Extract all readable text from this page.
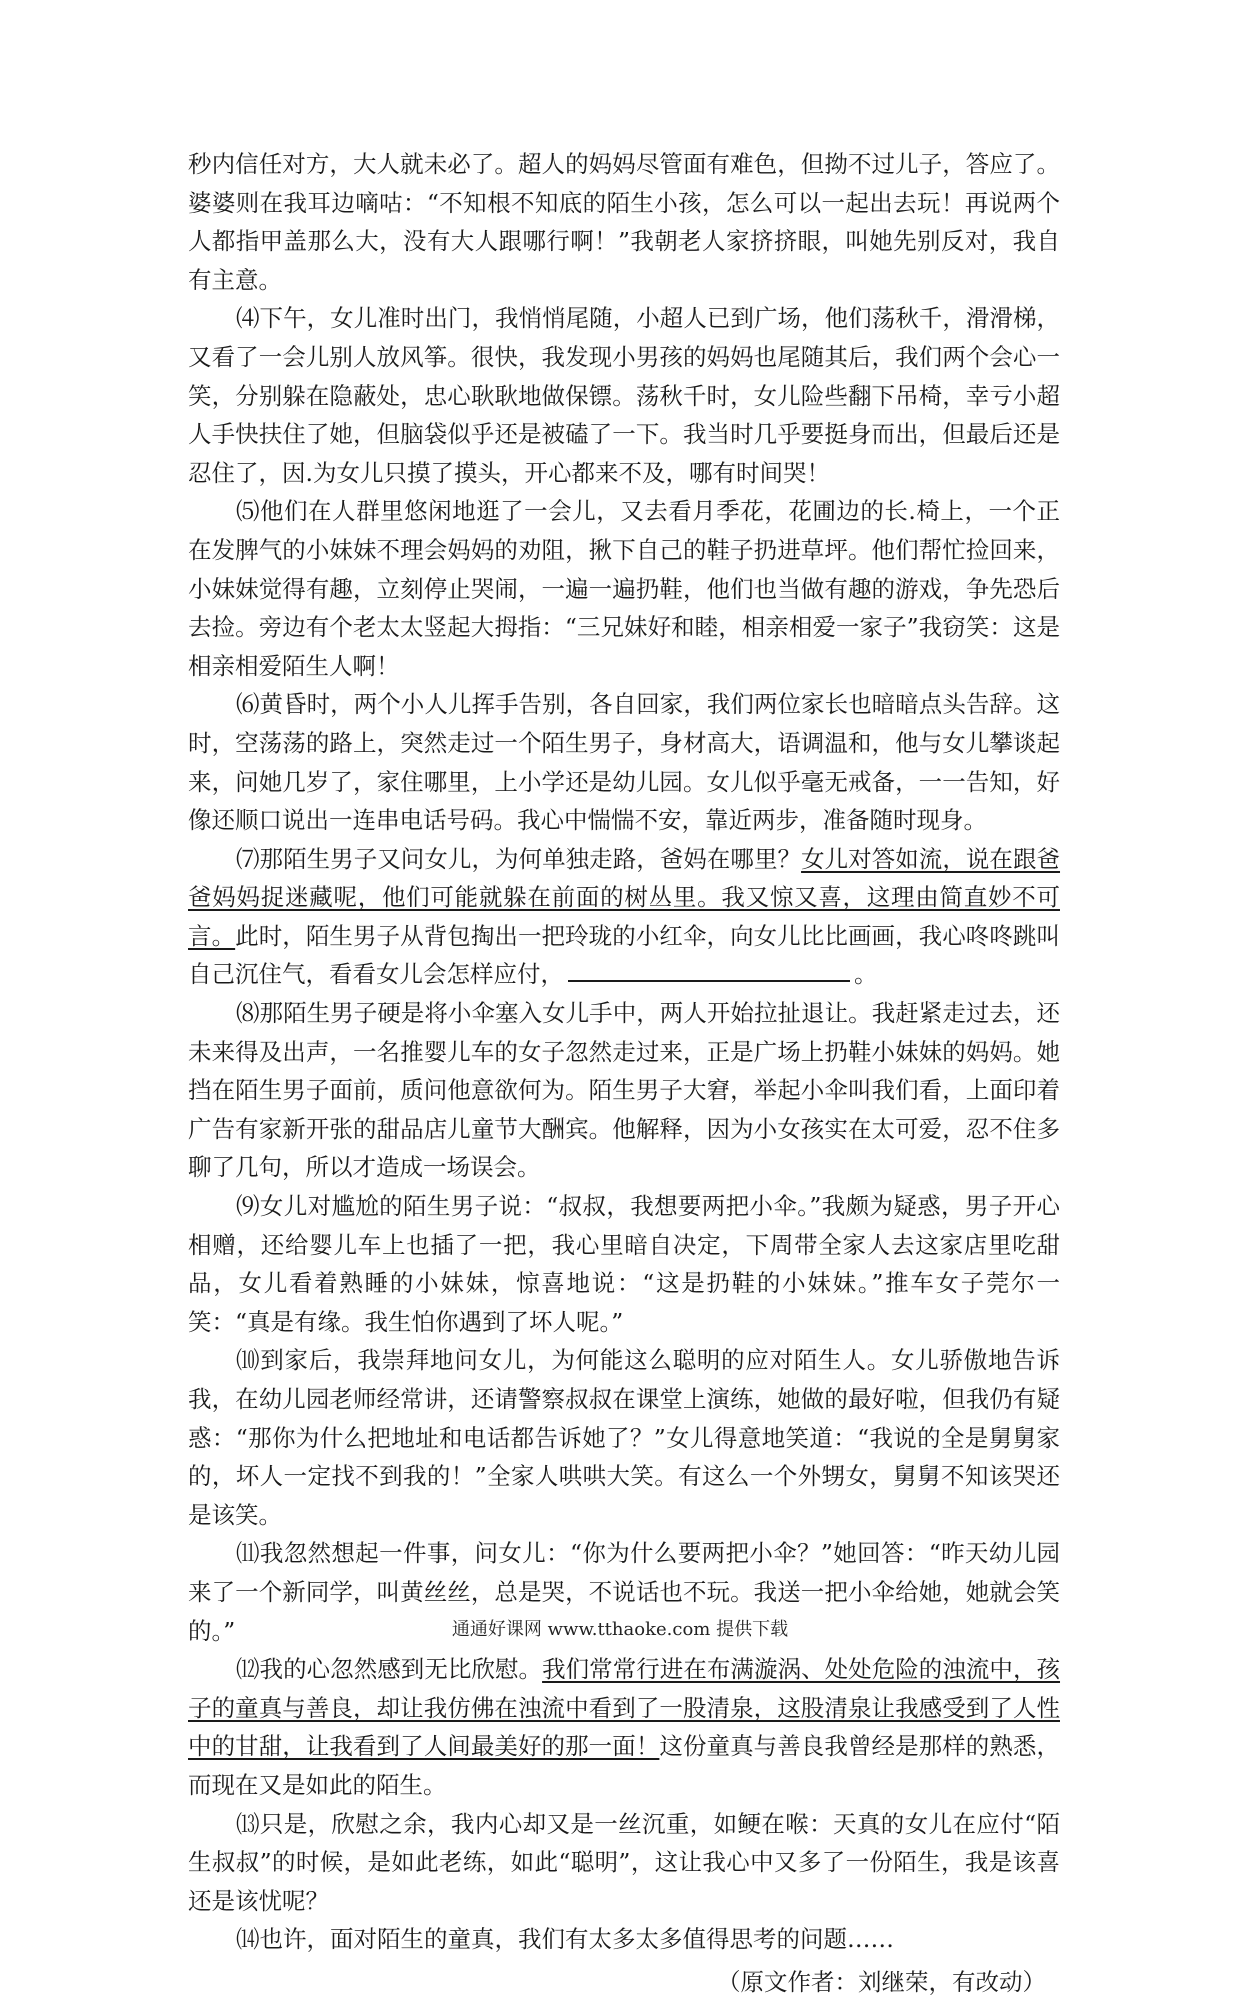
秒内信任对方，大人就未必了。超人的妈妈尽管面有难色，但拗不过儿子，答应了。婆婆则在我耳边嘀咕：“不知根不知底的陌生小孩，怎么可以一起出去玩！再说两个人都指甲盖那么大，没有大人跟哪行啊！”我朝老人家挤挤眼，叫她先别反对，我自有主意。

⑷下午，女儿准时出门，我悄悄尾随，小超人已到广场，他们荡秋千，滑滑梯，又看了一会儿别人放风筝。很快，我发现小男孩的妈妈也尾随其后，我们两个会心一笑，分别躲在隐蔽处，忠心耿耿地做保镖。荡秋千时，女儿险些翻下吊椅，幸亏小超人手快扶住了她，但脑袋似乎还是被磕了一下。我当时几乎要挺身而出，但最后还是忍住了，因.为女儿只摸了摸头，开心都来不及，哪有时间哭！

⑸他们在人群里悠闲地逛了一会儿，又去看月季花，花圃边的长.椅上，一个正在发脾气的小妹妹不理会妈妈的劝阻，揪下自己的鞋子扔进草坪。他们帮忙捡回来，小妹妹觉得有趣，立刻停止哭闹，一遍一遍扔鞋，他们也当做有趣的游戏，争先恐后去捡。旁边有个老太太竖起大拇指：“三兄妹好和睦，相亲相爱一家子”我窃笑：这是相亲相爱陌生人啊！

⑹黄昏时，两个小人儿挥手告别，各自回家，我们两位家长也暗暗点头告辞。这时，空荡荡的路上，突然走过一个陌生男子，身材高大，语调温和，他与女儿攀谈起来，问她几岁了，家住哪里，上小学还是幼儿园。女儿似乎毫无戒备，一一告知，好像还顺口说出一连串电话号码。我心中惴惴不安，靠近两步，准备随时现身。

⑺那陌生男子又问女儿，为何单独走路，爸妈在哪里？女儿对答如流，说在跟爸爸妈妈捉迷藏呢，他们可能就躲在前面的树丛里。我又惊又喜，这理由简直妙不可言。此时，陌生男子从背包掏出一把玲珑的小红伞，向女儿比比画画，我心咚咚跳叫自己沉住气，看看女儿会怎样应付，	。

⑻那陌生男子硬是将小伞塞入女儿手中，两人开始拉扯退让。我赶紧走过去，还未来得及出声，一名推婴儿车的女子忽然走过来，正是广场上扔鞋小妹妹的妈妈。她挡在陌生男子面前，质问他意欲何为。陌生男子大窘，举起小伞叫我们看，上面印着广告有家新开张的甜品店儿童节大酬宾。他解释，因为小女孩实在太可爱，忍不住多聊了几句，所以才造成一场误会。

⑼女儿对尴尬的陌生男子说：“叔叔，我想要两把小伞。”我颇为疑惑，男子开心相赠，还给婴儿车上也插了一把，我心里暗自决定，下周带全家人去这家店里吃甜品，女儿看着熟睡的小妹妹，惊喜地说：“这是扔鞋的小妹妹。”推车女子莞尔一笑：“真是有缘。我生怕你遇到了坏人呢。”

⑽到家后，我崇拜地问女儿，为何能这么聪明的应对陌生人。女儿骄傲地告诉我，在幼儿园老师经常讲，还请警察叔叔在课堂上演练，她做的最好啦，但我仍有疑惑：“那你为什么把地址和电话都告诉她了？”女儿得意地笑道：“我说的全是舅舅家的，坏人一定找不到我的！”全家人哄哄大笑。有这么一个外甥女，舅舅不知该哭还是该笑。

⑾我忽然想起一件事，问女儿：“你为什么要两把小伞？”她回答：“昨天幼儿园来了一个新同学，叫黄丝丝，总是哭，不说话也不玩。我送一把小伞给她，她就会笑的。”

⑿我的心忽然感到无比欣慰。我们常常行进在布满漩涡、处处危险的浊流中，孩子的童真与善良，却让我仿佛在浊流中看到了一股清泉，这股清泉让我感受到了人性中的甘甜，让我看到了人间最美好的那一面！这份童真与善良我曾经是那样的熟悉，而现在又是如此的陌生。

⒀只是，欣慰之余，我内心却又是一丝沉重，如鲠在喉：天真的女儿在应付“陌生叔叔”的时候，是如此老练，如此“聪明”，这让我心中又多了一份陌生，我是该喜还是该忧呢？

⒁也许，面对陌生的童真，我们有太多太多值得思考的问题……

（原文作者：刘继荣，有改动）

通通好课网 www.tthaoke.com 提供下载
